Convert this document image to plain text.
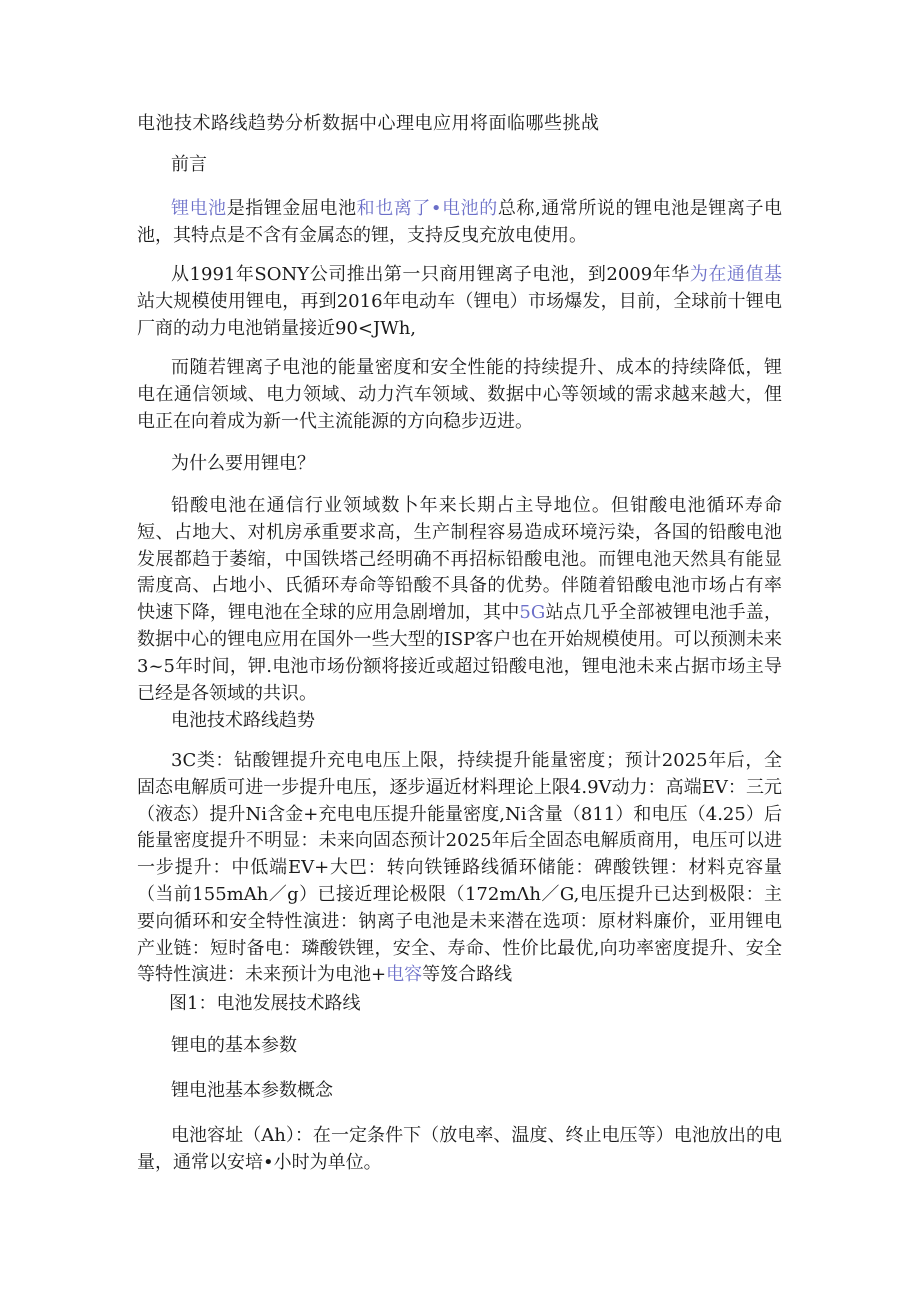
电池技术路线趋势分析数据中心理电应用将面临哪些挑战
前言

锂电池是指锂金屈电池和也离了•电池的总称,通常所说的锂电池是锂离子电池，其特点是不含有金属态的锂，支持反曳充放电使用。

从1991年SONY公司推出第一只商用锂离子电池，到2009年华为在通值基站大规模使用锂电，再到2016年电动车（锂电）市场爆发，目前，全球前十锂电厂商的动力电池销量接近90<JWh,

而随若锂离子电池的能量密度和安全性能的持续提升、成本的持续降低，锂电在通信领域、电力领域、动力汽车领域、数据中心等领域的需求越来越大，俚电正在向着成为新一代主流能源的方向稳步迈进。

为什么要用锂电？

铅酸电池在通信行业领域数卜年来长期占主导地位。但钳酸电池循环寿命短、占地大、对机房承重要求高，生产制程容易造成环境污染，各国的铅酸电池发展都趋于萎缩，中国铁塔己经明确不再招标铅酸电池。而锂电池天然具有能显需度高、占地小、氏循环寿命等铅酸不具备的优势。伴随着铅酸电池市场占有率快速下降，锂电池在全球的应用急剧增加，其中5G站点几乎全部被锂电池手盖，数据中心的锂电应用在国外一些大型的ISP客户也在开始规模使用。可以预测未来3~5年时间，钾.电池市场份额将接近或超过铅酸电池，锂电池未来占据市场主导已经是各领域的共识。

电池技术路线趋势

3C类：钻酸锂提升充电电压上限，持续提升能量密度；预计2025年后，全固态电解质可进一步提升电压，逐步逼近材料理论上限4.9V动力：高端EV：三元（液态）提升Ni含金+充电电压提升能量密度,Ni含量（811）和电压（4.25）后能量密度提升不明显：未来向固态预计2025年后全固态电解质商用，电压可以进一步提升：中低端EV+大巴：转向铁锤路线循环储能：碑酸铁锂：材料克容量（当前155mAh／g）已接近理论极限（172mΛh／G,电压提升已达到极限：主要向循环和安全特性演进：钠离子电池是未来潜在选项：原材料廉价，亚用锂电产业链：短时备电：璘酸铁锂，安全、寿命、性价比最优,向功率密度提升、安全等特性演进：未来预计为电池+电容等笈合路线

图1：电池发展技术路线
锂电的基本参数
锂电池基本参数概念

电池容址（Ah）：在一定条件下（放电率、温度、终止电压等）电池放出的电量，通常以安培•小时为单位。
